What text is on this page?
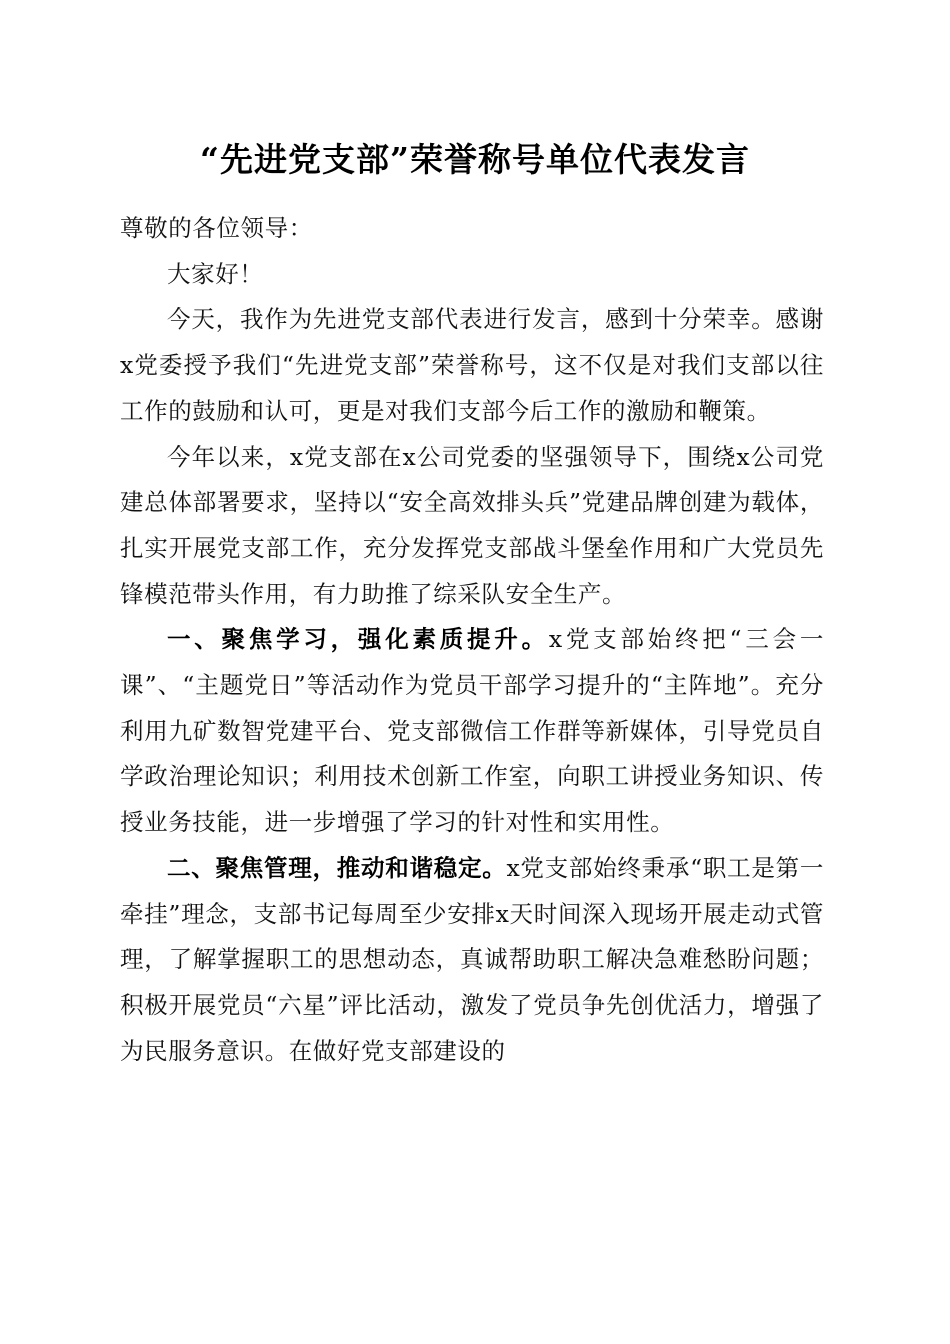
“先进党支部”荣誉称号单位代表发言

尊敬的各位领导：

大家好！

今天，我作为先进党支部代表进行发言，感到十分荣幸。感谢x党委授予我们“先进党支部”荣誉称号，这不仅是对我们支部以往工作的鼓励和认可，更是对我们支部今后工作的激励和鞭策。

今年以来，x党支部在x公司党委的坚强领导下，围绕x公司党建总体部署要求，坚持以“安全高效排头兵”党建品牌创建为载体，扎实开展党支部工作，充分发挥党支部战斗堡垒作用和广大党员先锋模范带头作用，有力助推了综采队安全生产。

一、聚焦学习，强化素质提升。x党支部始终把“三会一课”、“主题党日”等活动作为党员干部学习提升的“主阵地”。充分利用九矿数智党建平台、党支部微信工作群等新媒体，引导党员自学政治理论知识；利用技术创新工作室，向职工讲授业务知识、传授业务技能，进一步增强了学习的针对性和实用性。

二、聚焦管理，推动和谐稳定。x党支部始终秉承“职工是第一牵挂”理念，支部书记每周至少安排x天时间深入现场开展走动式管理，了解掌握职工的思想动态，真诚帮助职工解决急难愁盼问题；积极开展党员“六星”评比活动，激发了党员争先创优活力，增强了为民服务意识。在做好党支部建设的
